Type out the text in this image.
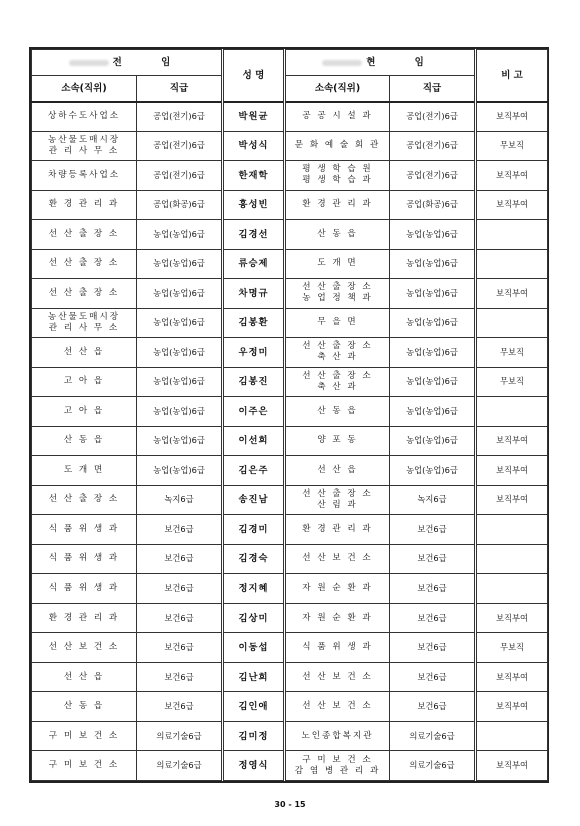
전 임		성 명	현 임		비 고
소속(직위)	직급		소속(직위)	직급	

상하수도사업소	공업(전기)6급	박원균	공 공 시 설 과	공업(전기)6급	보직부여

농산물도매시장
관 리 사 무 소	공업(전기)6급	박성식	문 화 예 술 회 관	공업(전기)6급	무보직

차량등록사업소	공업(전기)6급	한재학	평 생 학 습 원
평 생 학 습 과	공업(전기)6급	보직부여

환 경 관 리 과	공업(화공)6급	홍성빈	환 경 관 리 과	공업(화공)6급	보직부여

선 산 출 장 소	농업(농업)6급	김경선	산 동 읍	농업(농업)6급	

선 산 출 장 소	농업(농업)6급	류승제	도 개 면	농업(농업)6급	

선 산 출 장 소	농업(농업)6급	차명규	선 산 출 장 소
농 업 정 책 과	농업(농업)6급	보직부여

농산물도매시장
관 리 사 무 소	농업(농업)6급	김봉환	무 을 면	농업(농업)6급	

선 산 읍	농업(농업)6급	우정미	선 산 출 장 소
축 산 과	농업(농업)6급	무보직

고 아 읍	농업(농업)6급	김봉진	선 산 출 장 소
축 산 과	농업(농업)6급	무보직

고 아 읍	농업(농업)6급	이주은	산 동 읍	농업(농업)6급	

산 동 읍	농업(농업)6급	이선희	양 포 동	농업(농업)6급	보직부여

도 개 면	농업(농업)6급	김은주	선 산 읍	농업(농업)6급	보직부여

선 산 출 장 소	녹지6급	송진남	선 산 출 장 소
산 림 과	녹지6급	보직부여

식 품 위 생 과	보건6급	김경미	환 경 관 리 과	보건6급	

식 품 위 생 과	보건6급	김경숙	선 산 보 건 소	보건6급	

식 품 위 생 과	보건6급	정지혜	자 원 순 환 과	보건6급	

환 경 관 리 과	보건6급	김상미	자 원 순 환 과	보건6급	보직부여

선 산 보 건 소	보건6급	이동섭	식 품 위 생 과	보건6급	무보직

선 산 읍	보건6급	김난희	선 산 보 건 소	보건6급	보직부여

산 동 읍	보건6급	김인애	선 산 보 건 소	보건6급	보직부여

구 미 보 건 소	의료기술6급	김미정	노인종합복지관	의료기술6급	

구 미 보 건 소	의료기술6급	정영식	구 미 보 건 소
감 염 병 관 리 과	의료기술6급	보직부여
30 - 15
